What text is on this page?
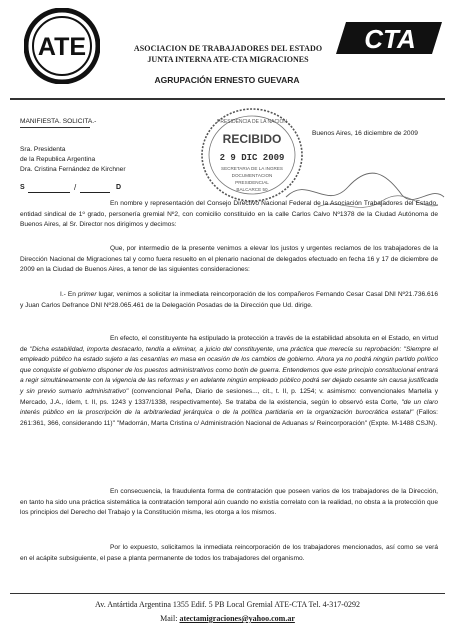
ATE	CTA
ASOCIACION DE TRABAJADORES DEL ESTADO
JUNTA INTERNA ATE-CTA MIGRACIONES
AGRUPACIÓN ERNESTO GUEVARA
MANIFIESTA. SOLICITA.-
Buenos Aires, 16 diciembre de 2009
PRESIDENCIA DE LA NACION
RECIBIDO
2 9 DIC 2009
SECRETARIA DE LA INGRES
DOCUMENTACION
PRESIDENCIAL
BALCARCE 50
Sra. Presidenta
de la Republica Argentina
Dra. Cristina Fernández de Kirchner
S	/	D
En nombre y representación del Consejo Directivo Nacional Federal de la Asociación Trabajadores del Estado, entidad sindical de 1º grado, personería gremial Nº2, con comicilio constituido en la calle Carlos Calvo Nº1378 de la Ciudad Autónoma de Buenos Aires, al Sr. Director nos dirigimos y decimos:
Que, por intermedio de la presente venimos a elevar los justos y urgentes reclamos de los trabajadores de la Dirección Nacional de Migraciones tal y como fuera resuelto en el plenario nacional de delegados efectuado en fecha 16 y 17 de diciembre de 2009 en la Ciudad de Buenos Aires, a tenor de las siguientes consideraciones:
I.- En primer lugar, venimos a solicitar la inmediata reincorporación de los compañeros Fernando Cesar Casal DNI Nº21.736.616 y Juan Carlos Defrance DNI Nº28.065.461 de la Delegación Posadas de la Dirección que Ud. dirige.
En efecto, el constituyente ha estipulado la protección a través de la estabilidad absoluta en el Estado, en virtud de "Dicha estabilidad, importa destacarlo, tendía a eliminar, a juicio del constituyente, una práctica que merecía su reprobación: "Siempre el empleado público ha estado sujeto a las cesantías en masa en ocasión de los cambios de gobierno. Ahora ya no podrá ningún partido político que conquiste el gobierno disponer de los puestos administrativos como botín de guerra. Entendemos que este principio constitucional entrará a regir simultáneamente con la vigencia de las reformas y en adelante ningún empleado público podrá ser dejado cesante sin causa justificada y sin previo sumario administrativo" (convencional Peña, Diario de sesiones..., cit., t. II, p. 1254; v. asimismo: convencionales Martella y Mercado, J.A., ídem, t. II, ps. 1243 y 1337/1338, respectivamente). Se trataba de la existencia, según lo observó esta Corte, "de un claro interés público en la proscripción de la arbitrariedad jerárquica o de la política partidaria en la organización burocrática estatal" (Fallos: 261:361, 366, considerando 11)" "Madorrán, Marta Cristina c/ Administración Nacional de Aduanas s/ Reincorporación" (Expte. M-1488 CSJN).
En consecuencia, la fraudulenta forma de contratación que poseen varios de los trabajadores de la Dirección, en tanto ha sido una práctica sistemática la contratación temporal aún cuando no existía correlato con la realidad, no obsta a la protección que los principios del Derecho del Trabajo y la Constitución misma, les otorga a los mismos.
Por lo expuesto, solicitamos la inmediata reincorporación de los trabajadores mencionados, así como se verá en el acápite subsiguiente, el pase a planta permanente de todos los trabajadores del organismo.
Av. Antártida Argentina 1355 Edif. 5 PB Local Gremial ATE-CTA Tel. 4-317-0292
Mail: atectamigraciones@yahoo.com.ar
